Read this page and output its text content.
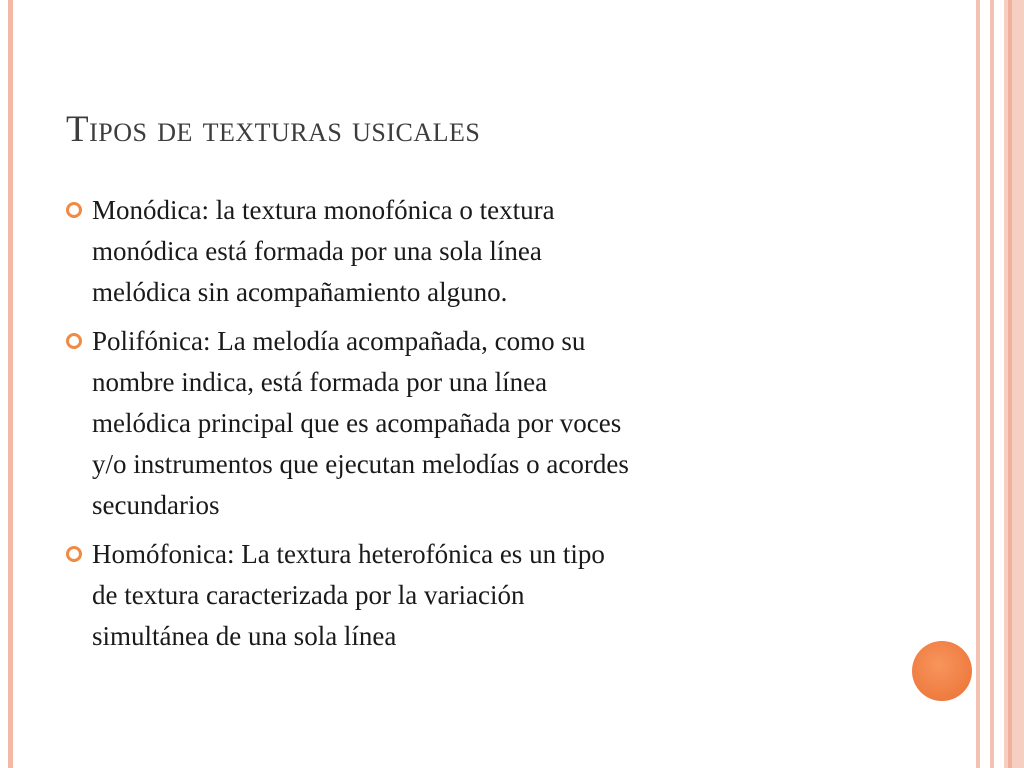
Tipos de texturas usicales
Monódica: la textura monofónica o textura
monódica está formada por una sola línea
melódica sin acompañamiento alguno.
Polifónica: La melodía acompañada, como su
nombre indica, está formada por una línea
melódica principal que es acompañada por voces
y/o instrumentos que ejecutan melodías o acordes
secundarios
Homófonica: La textura heterofónica es un tipo
de textura caracterizada por la variación
simultánea de una sola línea
